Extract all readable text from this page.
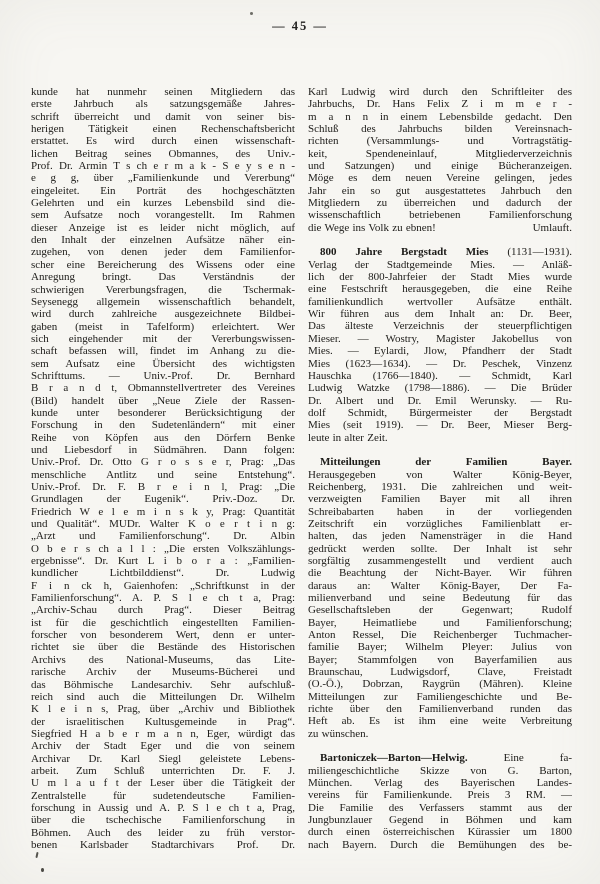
— 45 —
kunde hat nunmehr seinen Mitgliedern das
erste Jahrbuch als satzungsgemäße Jahres-
schrift überreicht und damit von seiner bis-
herigen Tätigkeit einen Rechenschaftsbericht
erstattet. Es wird durch einen wissenschaft-
lichen Beitrag seines Obmannes, des Univ.-
Prof. Dr. Armin T s ch e r m a k - S e y s e n -
e g g, über „Familienkunde und Vererbung“
eingeleitet. Ein Porträt des hochgeschätzten
Gelehrten und ein kurzes Lebensbild sind die-
sem Aufsatze noch vorangestellt. Im Rahmen
dieser Anzeige ist es leider nicht möglich, auf
den Inhalt der einzelnen Aufsätze näher ein-
zugehen, von denen jeder dem Familienfor-
scher eine Bereicherung des Wissens oder eine
Anregung bringt. Das Verständnis der
schwierigen Vererbungsfragen, die Tschermak-
Seysenegg allgemein wissenschaftlich behandelt,
wird durch zahlreiche ausgezeichnete Bildbei-
gaben (meist in Tafelform) erleichtert. Wer
sich eingehender mit der Vererbungswissen-
schaft befassen will, findet im Anhang zu die-
sem Aufsatz eine Übersicht des wichtigsten
Schrifttums. — Univ.-Prof. Dr. Bernhard
B r a n d t, Obmannstellvertreter des Vereines
(Bild) handelt über „Neue Ziele der Rassen-
kunde unter besonderer Berücksichtigung der
Forschung in den Sudetenländern“ mit einer
Reihe von Köpfen aus den Dörfern Benke
und Liebesdorf in Südmähren. Dann folgen:
Univ.-Prof. Dr. Otto G r o s s e r, Prag: „Das
menschliche Antlitz und seine Entstehung“.
Univ.-Prof. Dr. F. B r e i n l, Prag: „Die
Grundlagen der Eugenik“. Priv.-Doz. Dr.
Friedrich W e l e m i n s k y, Prag: Quantität
und Qualität“. MUDr. Walter K o e r t i n g:
„Arzt und Familienforschung“. Dr. Albin
O b e r s ch a l l : „Die ersten Volkszählungs-
ergebnisse“. Dr. Kurt L i b o r a : „Familien-
kundlicher Lichtbilddienst“. Dr. Ludwig
F i n ck h, Gaienhofen: „Schriftkunst in der
Familienforschung“. A. P. S l e ch t a, Prag:
„Archiv-Schau durch Prag“. Dieser Beitrag
ist für die geschichtlich eingestellten Familien-
forscher von besonderem Wert, denn er unter-
richtet sie über die Bestände des Historischen
Archivs des National-Museums, das Lite-
rarische Archiv der Museums-Bücherei und
das Böhmische Landesarchiv. Sehr aufschluß-
reich sind auch die Mitteilungen Dr. Wilhelm
K l e i n s, Prag, über „Archiv und Bibliothek
der israelitischen Kultusgemeinde in Prag“.
Siegfried H a b e r m a n n, Eger, würdigt das
Archiv der Stadt Eger und die von seinem
Archivar Dr. Karl Siegl geleistete Lebens-
arbeit. Zum Schluß unterrichten Dr. F. J.
U m l a u f t der Leser über die Tätigkeit der
Zentralstelle für sudetendeutsche Familien-
forschung in Aussig und A. P. S l e ch t a, Prag,
über die tschechische Familienforschung in
Böhmen. Auch des leider zu früh verstor-
benen Karlsbader Stadtarchivars Prof. Dr.
Karl Ludwig wird durch den Schriftleiter des
Jahrbuchs, Dr. Hans Felix Z i m m e r -
m a n n in einem Lebensbilde gedacht. Den
Schluß des Jahrbuchs bilden Vereinsnach-
richten (Versammlungs- und Vortragstätig-
keit, Spendeneinlauf, Mitgliederverzeichnis
und Satzungen) und einige Bücheranzeigen.
Möge es dem neuen Vereine gelingen, jedes
Jahr ein so gut ausgestattetes Jahrbuch den
Mitgliedern zu überreichen und dadurch der
wissenschaftlich betriebenen Familienforschung
die Wege ins Volk zu ebnen!	Umlauft.
800 Jahre Bergstadt Mies (1131—1931).
Verlag der Stadtgemeinde Mies. — Anläß-
lich der 800-Jahrfeier der Stadt Mies wurde
eine Festschrift herausgegeben, die eine Reihe
familienkundlich wertvoller Aufsätze enthält.
Wir führen aus dem Inhalt an: Dr. Beer,
Das älteste Verzeichnis der steuerpflichtigen
Mieser. — Wostry, Magister Jakobellus von
Mies. — Eylardi, Jlow, Pfandherr der Stadt
Mies (1623—1634). — Dr. Peschek, Vinzenz
Hauschka (1766—1840). — Schmidt, Karl
Ludwig Watzke (1798—1886). — Die Brüder
Dr. Albert und Dr. Emil Werunsky. — Ru-
dolf Schmidt, Bürgermeister der Bergstadt
Mies (seit 1919). — Dr. Beer, Mieser Berg-
leute in alter Zeit.
Mitteilungen der Familien Bayer.
Herausgegeben von Walter König-Beyer,
Reichenberg, 1931. Die zahlreichen und weit-
verzweigten Familien Bayer mit all ihren
Schreibabarten haben in der vorliegenden
Zeitschrift ein vorzügliches Familienblatt er-
halten, das jeden Namensträger in die Hand
gedrückt werden sollte. Der Inhalt ist sehr
sorgfältig zusammengestellt und verdient auch
die Beachtung der Nicht-Bayer. Wir führen
daraus an: Walter König-Bayer, Der Fa-
milienverband und seine Bedeutung für das
Gesellschaftsleben der Gegenwart; Rudolf
Bayer, Heimatliebe und Familienforschung;
Anton Ressel, Die Reichenberger Tuchmacher-
familie Bayer; Wilhelm Pleyer: Julius von
Bayer; Stammfolgen von Bayerfamilien aus
Braunschau, Ludwigsdorf, Clave, Freistadt
(O.-Ö.), Dobrzan, Raygrün (Mähren). Kleine
Mitteilungen zur Familiengeschichte und Be-
richte über den Familienverband runden das
Heft ab. Es ist ihm eine weite Verbreitung
zu wünschen.
Bartoniczek—Barton—Helwig. Eine fa-
miliengeschichtliche Skizze von G. Barton,
München. Verlag des Bayerischen Landes-
vereins für Familienkunde. Preis 3 RM. —
Die Familie des Verfassers stammt aus der
Jungbunzlauer Gegend in Böhmen und kam
durch einen österreichischen Kürassier um 1800
nach Bayern. Durch die Bemühungen des be-
